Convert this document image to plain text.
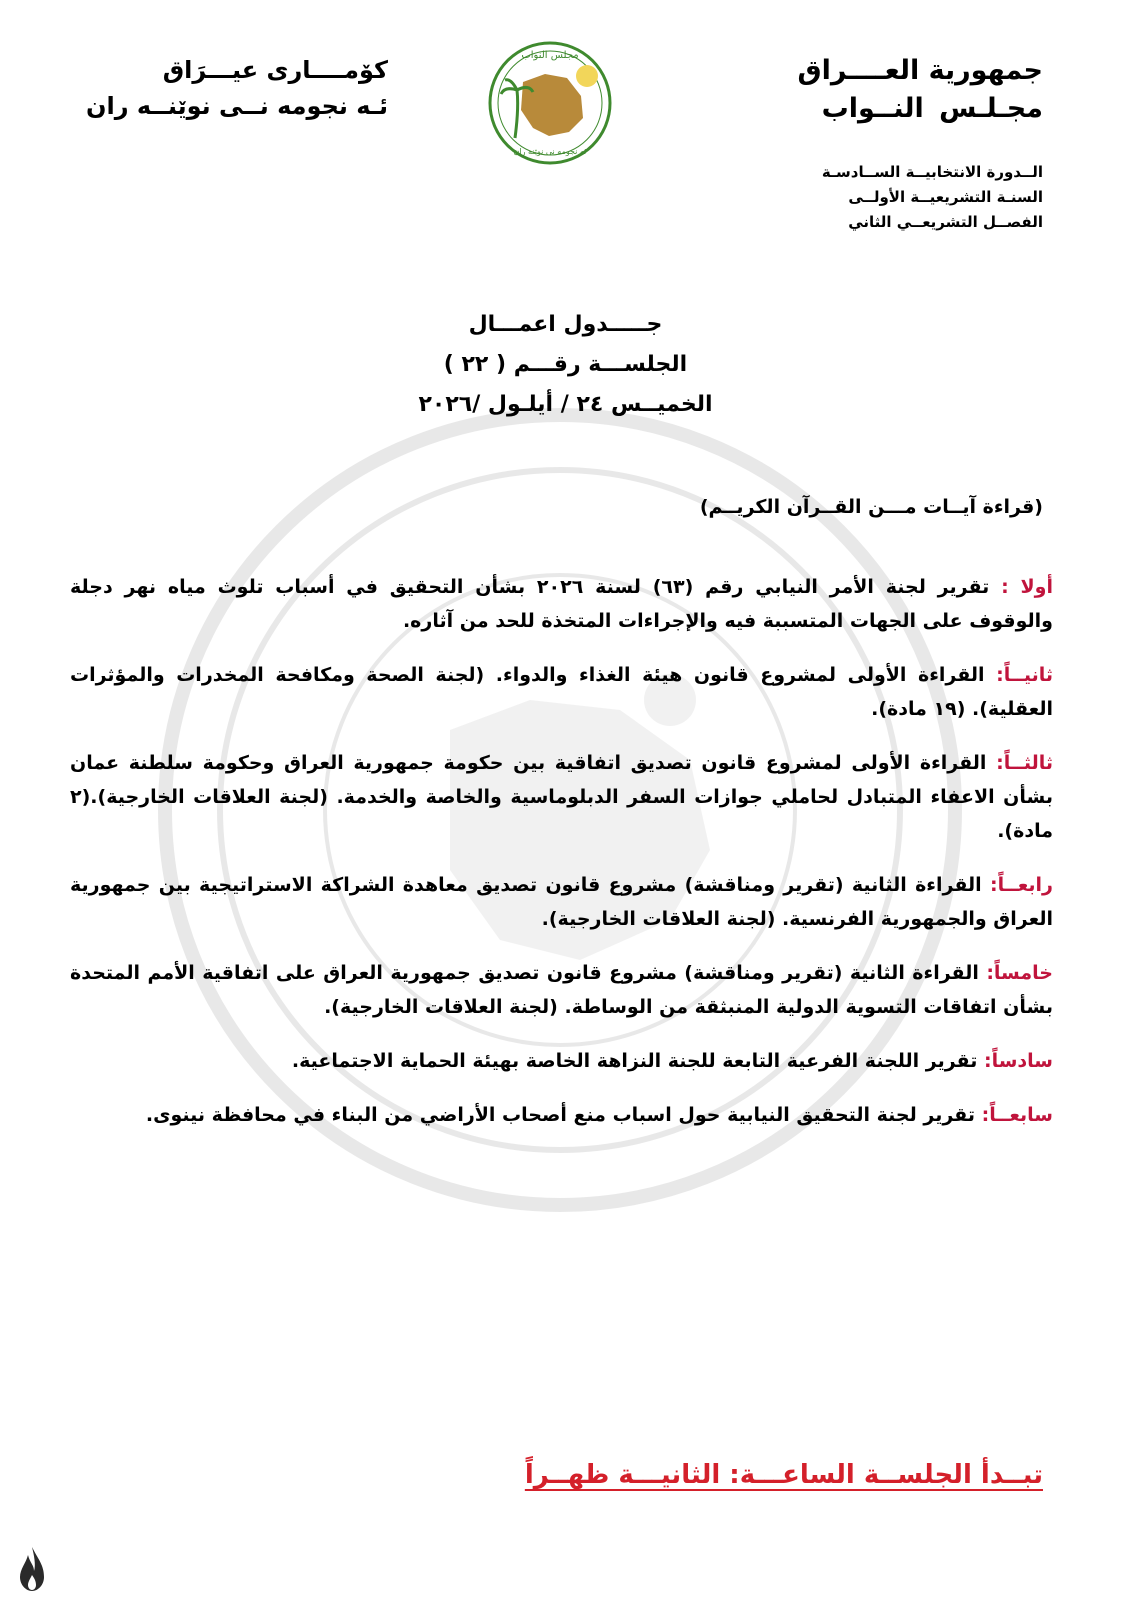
جمهورية العــــراق
مجـلـس النــواب
الــدورة الانتخابيــة الســادسـة
السنـة التشريعيــة الأولــى
الفصــل التشريعــي الثاني
مجلس النواب
ئه نجومه نى نوێنه ران
كۆمــــارى عيـــرَاق
ئـه نجومه نــى نوێنــه ران
جـــــدول اعمـــال
الجلســـة رقـــم ( ٢٢ )
الخميــس ٢٤ / أيلـول /٢٠٢٦
(قراءة آيــات مـــن القــرآن الكريــم)
أولا : تقرير لجنة الأمر النيابي رقم (٦٣) لسنة ٢٠٢٦ بشأن التحقيق في أسباب تلوث مياه نهر دجلة والوقوف على الجهات المتسببة فيه والإجراءات المتخذة للحد من آثاره.
ثانيــاً: القراءة الأولى لمشروع قانون هيئة الغذاء والدواء. (لجنة الصحة ومكافحة المخدرات والمؤثرات العقلية). (١٩ مادة).
ثالثــاً: القراءة الأولى لمشروع قانون تصديق اتفاقية بين حكومة جمهورية العراق وحكومة سلطنة عمان بشأن الاعفاء المتبادل لحاملي جوازات السفر الدبلوماسية والخاصة والخدمة. (لجنة العلاقات الخارجية).(٢ مادة).
رابعــاً: القراءة الثانية (تقرير ومناقشة) مشروع قانون تصديق معاهدة الشراكة الاستراتيجية بين جمهورية العراق والجمهورية الفرنسية. (لجنة العلاقات الخارجية).
خامساً: القراءة الثانية (تقرير ومناقشة) مشروع قانون تصديق جمهورية العراق على اتفاقية الأمم المتحدة بشأن اتفاقات التسوية الدولية المنبثقة من الوساطة. (لجنة العلاقات الخارجية).
سادساً: تقرير اللجنة الفرعية التابعة للجنة النزاهة الخاصة بهيئة الحماية الاجتماعية.
سابعــاً: تقرير لجنة التحقيق النيابية حول اسباب منع أصحاب الأراضي من البناء في محافظة نينوى.
تبــدأ الجلســة الساعـــة: الثانيـــة ظهــراً
